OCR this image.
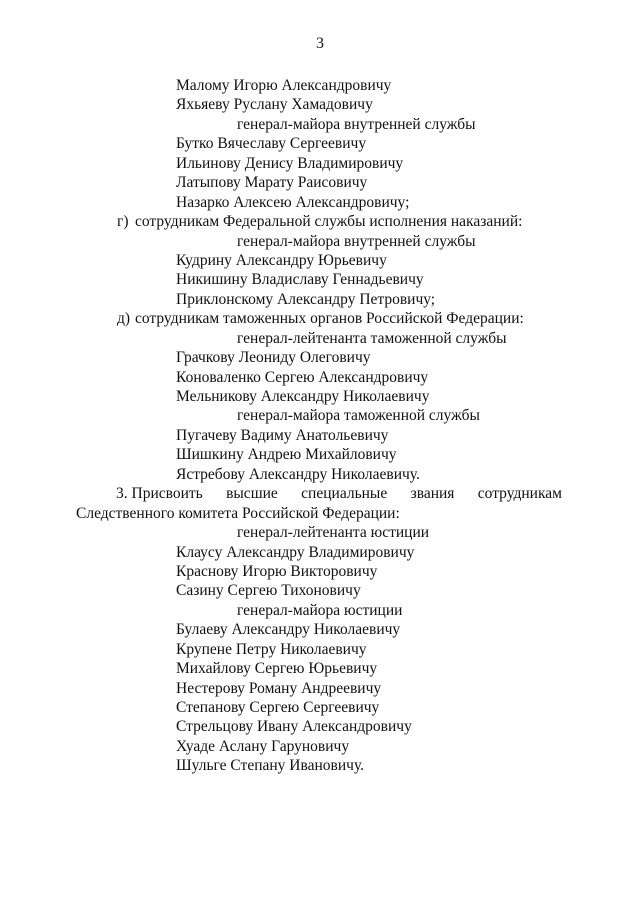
3
Малому Игорю Александровичу
Яхьяеву Руслану Хамадовичу
генерал-майора внутренней службы
Бутко Вячеславу Сергеевичу
Ильинову Денису Владимировичу
Латыпову Марату Раисовичу
Назарко Алексею Александровичу;
г) сотрудникам Федеральной службы исполнения наказаний:
генерал-майора внутренней службы
Кудрину Александру Юрьевичу
Никишину Владиславу Геннадьевичу
Приклонскому Александру Петровичу;
д) сотрудникам таможенных органов Российской Федерации:
генерал-лейтенанта таможенной службы
Грачкову Леониду Олеговичу
Коноваленко Сергею Александровичу
Мельникову Александру Николаевичу
генерал-майора таможенной службы
Пугачеву Вадиму Анатольевичу
Шишкину Андрею Михайловичу
Ястребову Александру Николаевичу.
3. Присвоить высшие специальные звания сотрудникам
Следственного комитета Российской Федерации:
генерал-лейтенанта юстиции
Клаусу Александру Владимировичу
Краснову Игорю Викторовичу
Сазину Сергею Тихоновичу
генерал-майора юстиции
Булаеву Александру Николаевичу
Крупене Петру Николаевичу
Михайлову Сергею Юрьевичу
Нестерову Роману Андреевичу
Степанову Сергею Сергеевичу
Стрельцову Ивану Александровичу
Хуаде Аслану Гаруновичу
Шульге Степану Ивановичу.
